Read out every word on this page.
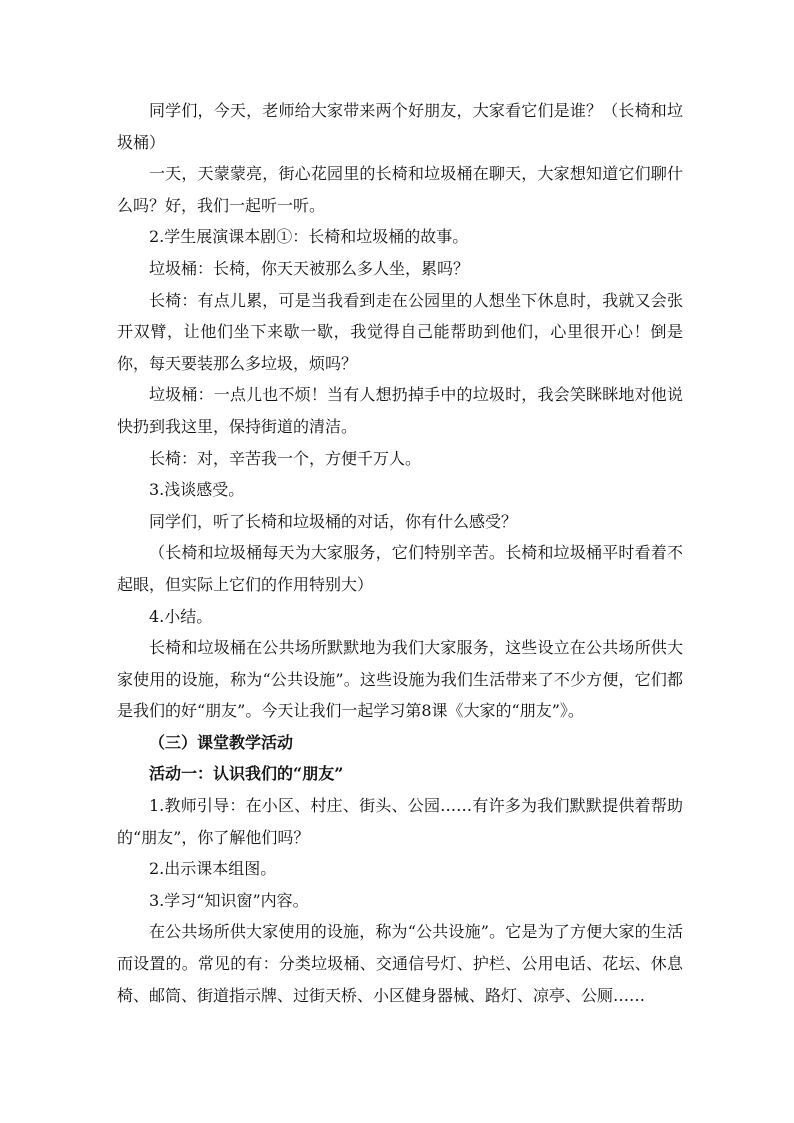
同学们，今天，老师给大家带来两个好朋友，大家看它们是谁？（长椅和垃圾桶）

一天，天蒙蒙亮，街心花园里的长椅和垃圾桶在聊天，大家想知道它们聊什么吗？好，我们一起听一听。

2.学生展演课本剧①：长椅和垃圾桶的故事。

垃圾桶：长椅，你天天被那么多人坐，累吗？

长椅：有点儿累，可是当我看到走在公园里的人想坐下休息时，我就又会张开双臂，让他们坐下来歇一歇，我觉得自己能帮助到他们，心里很开心！倒是你，每天要装那么多垃圾，烦吗？

垃圾桶：一点儿也不烦！当有人想扔掉手中的垃圾时，我会笑眯眯地对他说快扔到我这里，保持街道的清洁。

长椅：对，辛苦我一个，方便千万人。

3.浅谈感受。

同学们，听了长椅和垃圾桶的对话，你有什么感受？

（长椅和垃圾桶每天为大家服务，它们特别辛苦。长椅和垃圾桶平时看着不起眼，但实际上它们的作用特别大）

4.小结。

长椅和垃圾桶在公共场所默默地为我们大家服务，这些设立在公共场所供大家使用的设施，称为“公共设施”。这些设施为我们生活带来了不少方便，它们都是我们的好“朋友”。今天让我们一起学习第8课《大家的“朋友”》。

（三）课堂教学活动

活动一：认识我们的“朋友”

1.教师引导：在小区、村庄、街头、公园……有许多为我们默默提供着帮助的“朋友”，你了解他们吗？

2.出示课本组图。

3.学习“知识窗”内容。

在公共场所供大家使用的设施，称为“公共设施”。它是为了方便大家的生活而设置的。常见的有：分类垃圾桶、交通信号灯、护栏、公用电话、花坛、休息椅、邮筒、街道指示牌、过街天桥、小区健身器械、路灯、凉亭、公厕……
